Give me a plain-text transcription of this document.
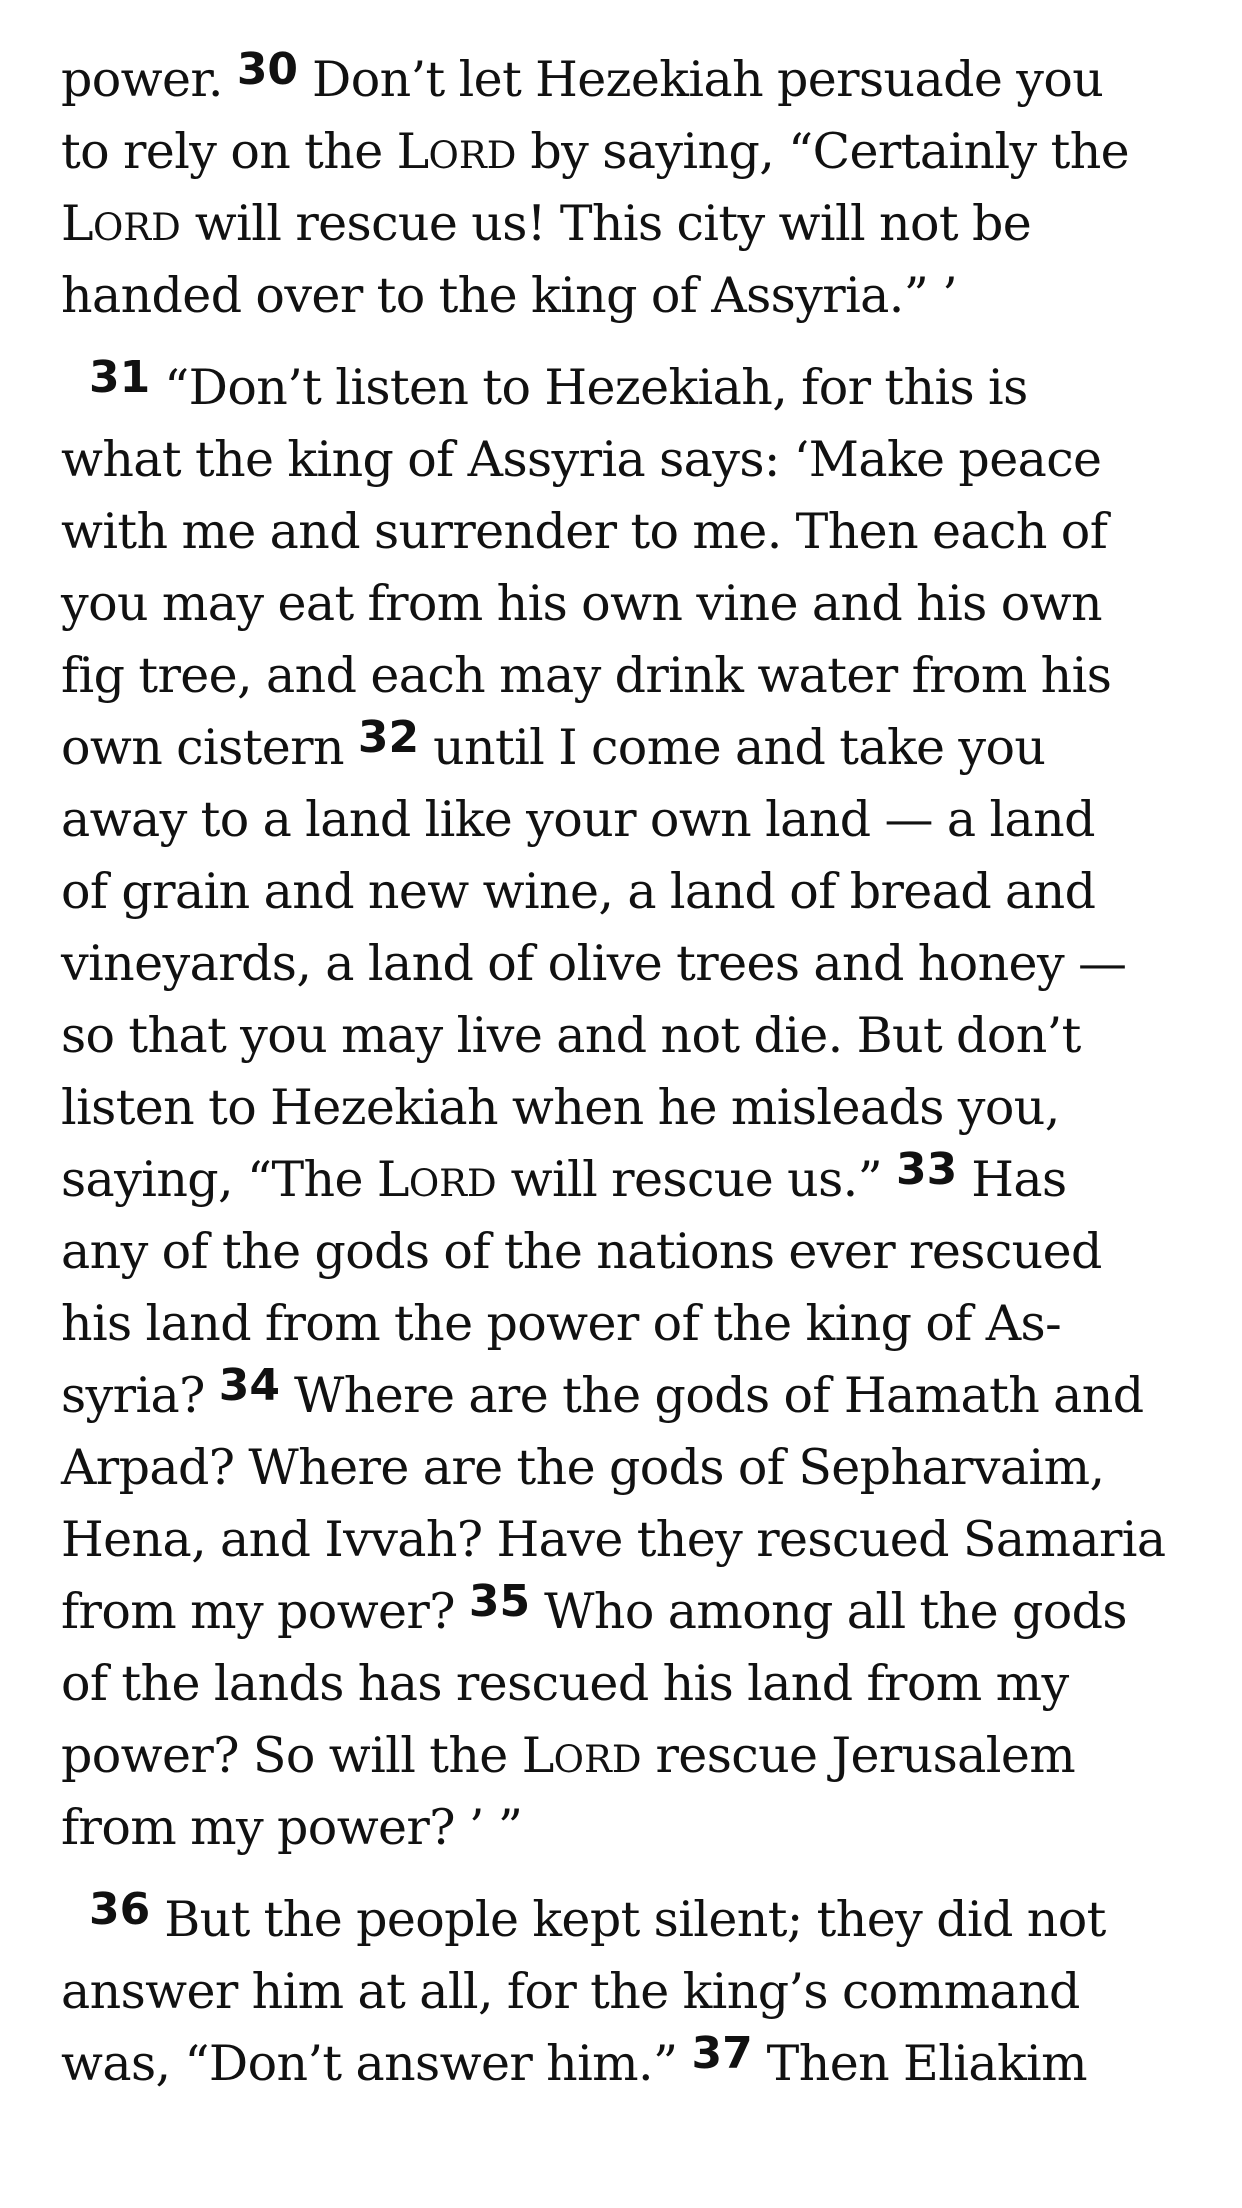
power. 30 Don’t let Hezekiah persuade you
to rely on the LORD by saying, “Certainly the
LORD will rescue us! This city will not be
handed over to the king of Assyria.” ’
31 “Don’t listen to Hezekiah, for this is
what the king of Assyria says: ‘Make peace
with me and surrender to me. Then each of
you may eat from his own vine and his own
fig tree, and each may drink water from his
own cistern 32 until I come and take you
away to a land like your own land — a land
of grain and new wine, a land of bread and
vineyards, a land of olive trees and honey —
so that you may live and not die. But don’t
listen to Hezekiah when he misleads you,
saying, “The LORD will rescue us.” 33 Has
any of the gods of the nations ever rescued
his land from the power of the king of As-
syria? 34 Where are the gods of Hamath and
Arpad? Where are the gods of Sepharvaim,
Hena, and Ivvah? Have they rescued Samaria
from my power? 35 Who among all the gods
of the lands has rescued his land from my
power? So will the LORD rescue Jerusalem
from my power? ’ ”
36 But the people kept silent; they did not
answer him at all, for the king’s command
was, “Don’t answer him.” 37 Then Eliakim
